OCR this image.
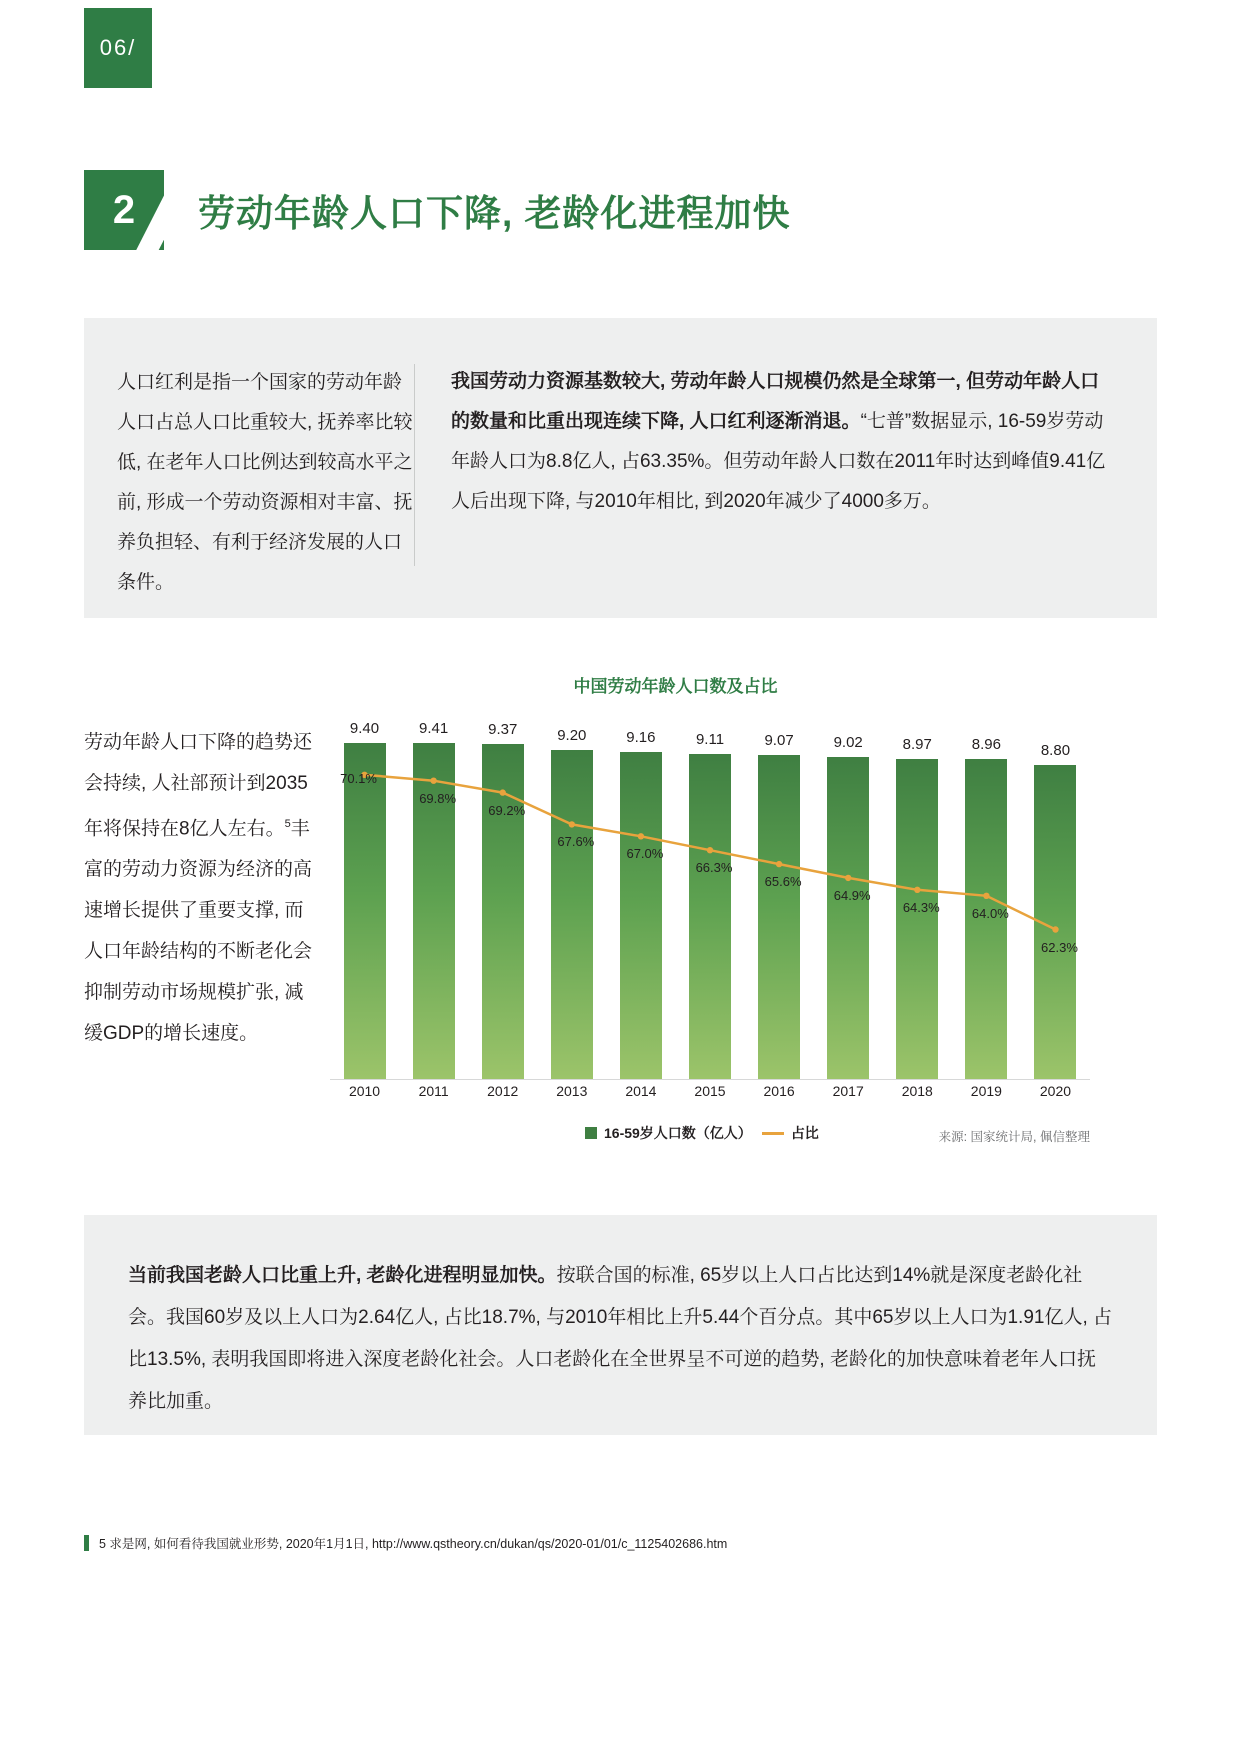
06/
2 劳动年龄人口下降, 老龄化进程加快

人口红利是指一个国家的劳动年龄人口占总人口比重较大, 抚养率比较低, 在老年人口比例达到较高水平之前, 形成一个劳动资源相对丰富、抚养负担轻、有利于经济发展的人口条件。

我国劳动力资源基数较大, 劳动年龄人口规模仍然是全球第一, 但劳动年龄人口的数量和比重出现连续下降, 人口红利逐渐消退。“七普”数据显示, 16-59岁劳动年龄人口为8.8亿人, 占63.35%。但劳动年龄人口数在2011年时达到峰值9.41亿人后出现下降, 与2010年相比, 到2020年减少了4000多万。

中国劳动年龄人口数及占比

劳动年龄人口下降的趋势还会持续, 人社部预计到2035年将保持在8亿人左右。$^5$丰富的劳动力资源为经济的高速增长提供了重要支撑, 而人口年龄结构的不断老化会抑制劳动市场规模扩张, 减缓GDP的增长速度。

9.40	9.41	9.37	9.20	9.16	9.11	9.07	9.02	8.97	8.96	8.80
70.1%
69.8%
69.2%
67.6%
67.0%
66.3%
65.6%
64.9%
64.3%	64.0%
62.3%
2010	2011	2012	2013	2014	2015	2016	2017	2018	2019	2020
16-59岁人口数（亿人）	占比	来源: 国家统计局, 佩信整理

当前我国老龄人口比重上升, 老龄化进程明显加快。按联合国的标准, 65岁以上人口占比达到14%就是深度老龄化社会。我国60岁及以上人口为2.64亿人, 占比18.7%, 与2010年相比上升5.44个百分点。其中65岁以上人口为1.91亿人, 占比13.5%, 表明我国即将进入深度老龄化社会。人口老龄化在全世界呈不可逆的趋势, 老龄化的加快意味着老年人口抚养比加重。

5 求是网, 如何看待我国就业形势, 2020年1月1日, http://www.qstheory.cn/dukan/qs/2020-01/01/c_1125402686.htm
